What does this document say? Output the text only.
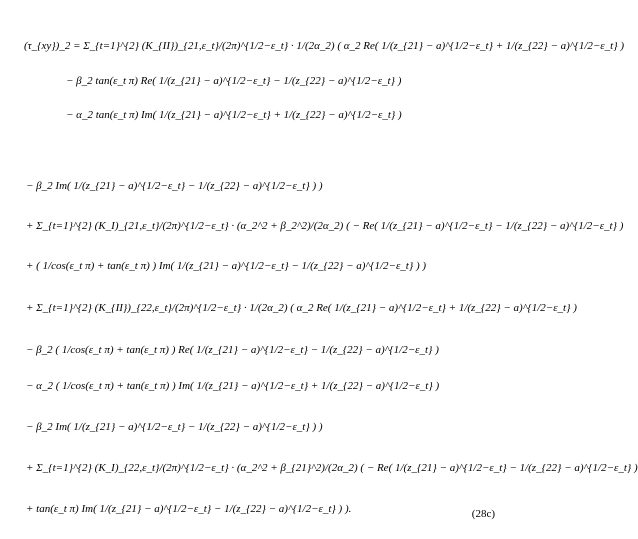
(τ_{xy})_2 = Σ_{t=1}^{2} (K_{II})_{21,ε_t}/(2π)^{1/2−ε_t} · 1/(2α_2) ( α_2 Re( 1/(z_{21} − a)^{1/2−ε_t} + 1/(z_{22} − a)^{1/2−ε_t} )
− β_2 tan(ε_t π) Re( 1/(z_{21} − a)^{1/2−ε_t} − 1/(z_{22} − a)^{1/2−ε_t} )
− α_2 tan(ε_t π) Im( 1/(z_{21} − a)^{1/2−ε_t} + 1/(z_{22} − a)^{1/2−ε_t} )
− β_2 Im( 1/(z_{21} − a)^{1/2−ε_t} − 1/(z_{22} − a)^{1/2−ε_t} ) )
+ Σ_{t=1}^{2} (K_I)_{21,ε_t}/(2π)^{1/2−ε_t} · (α_2^2 + β_2^2)/(2α_2) ( − Re( 1/(z_{21} − a)^{1/2−ε_t} − 1/(z_{22} − a)^{1/2−ε_t} )
+ ( 1/cos(ε_t π) + tan(ε_t π) ) Im( 1/(z_{21} − a)^{1/2−ε_t} − 1/(z_{22} − a)^{1/2−ε_t} ) )
+ Σ_{t=1}^{2} (K_{II})_{22,ε_t}/(2π)^{1/2−ε_t} · 1/(2α_2) ( α_2 Re( 1/(z_{21} − a)^{1/2−ε_t} + 1/(z_{22} − a)^{1/2−ε_t} )
− β_2 ( 1/cos(ε_t π) + tan(ε_t π) ) Re( 1/(z_{21} − a)^{1/2−ε_t} − 1/(z_{22} − a)^{1/2−ε_t} )
− α_2 ( 1/cos(ε_t π) + tan(ε_t π) ) Im( 1/(z_{21} − a)^{1/2−ε_t} + 1/(z_{22} − a)^{1/2−ε_t} )
− β_2 Im( 1/(z_{21} − a)^{1/2−ε_t} − 1/(z_{22} − a)^{1/2−ε_t} ) )
+ Σ_{t=1}^{2} (K_I)_{22,ε_t}/(2π)^{1/2−ε_t} · (α_2^2 + β_{21}^2)/(2α_2) ( − Re( 1/(z_{21} − a)^{1/2−ε_t} − 1/(z_{22} − a)^{1/2−ε_t} )
+ tan(ε_t π) Im( 1/(z_{21} − a)^{1/2−ε_t} − 1/(z_{22} − a)^{1/2−ε_t} ) ).	(28c)
